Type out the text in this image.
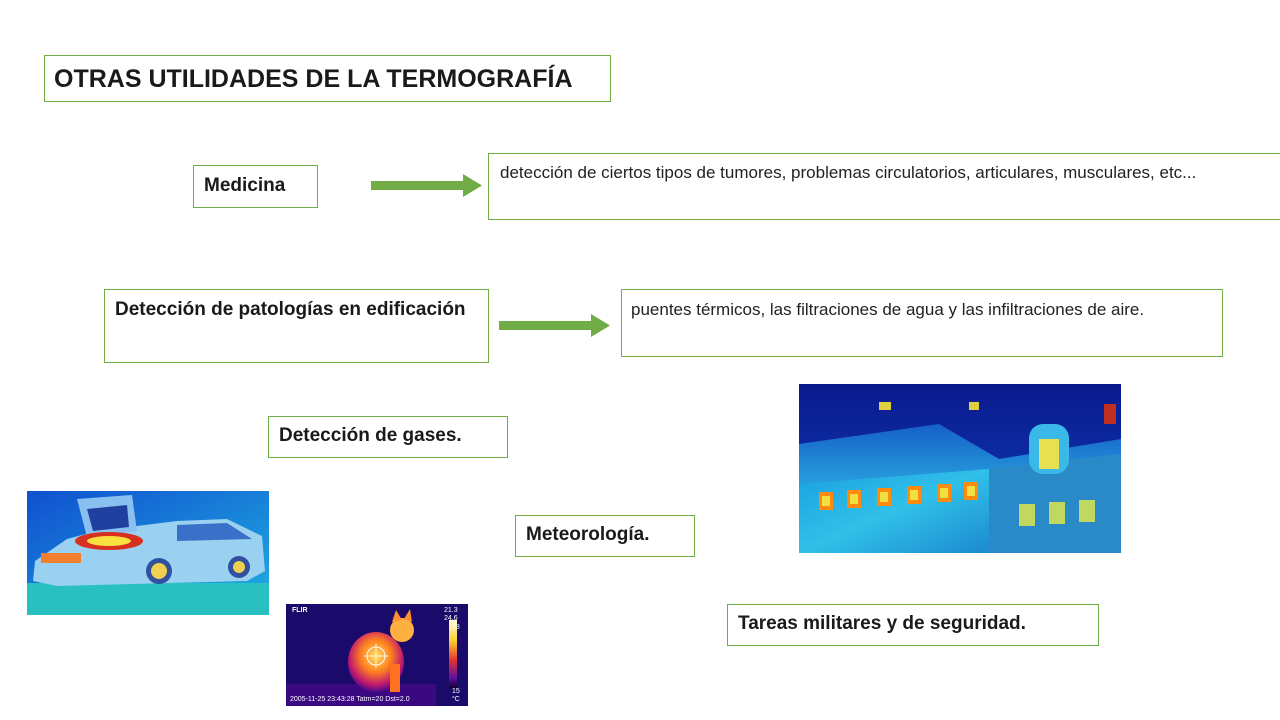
OTRAS UTILIDADES DE LA TERMOGRAFÍA
Medicina
detección de ciertos tipos de tumores, problemas circulatorios, articulares, musculares, etc...
Detección de patologías en edificación	puentes térmicos, las filtraciones de agua y las infiltraciones de aire.
Detección de gases.
Meteorología.
Tareas militares y de seguridad.
FLIR	21.3
24.6
28
15
°C
2005-11-25 23:43:28 Tatm=20 Dst=2.0
